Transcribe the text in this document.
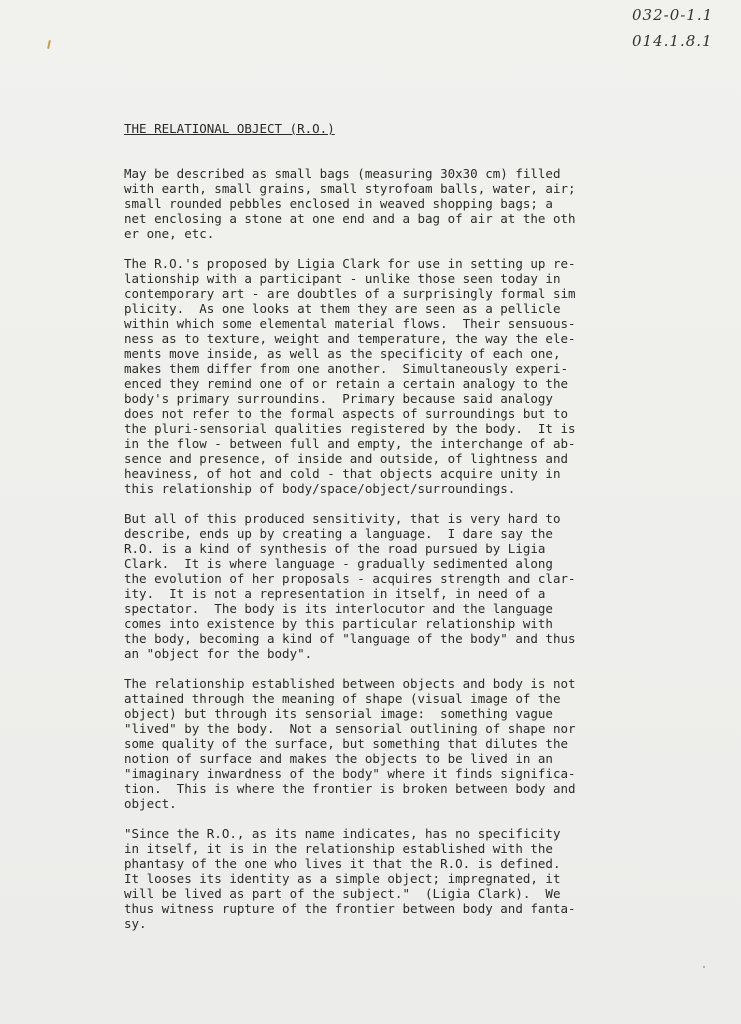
032-0-1.1
014.1.8.1
THE RELATIONAL OBJECT (R.O.)
May be described as small bags (measuring 30x30 cm) filled
with earth, small grains, small styrofoam balls, water, air;
small rounded pebbles enclosed in weaved shopping bags; a
net enclosing a stone at one end and a bag of air at the oth
er one, etc.
The R.O.'s proposed by Ligia Clark for use in setting up re-
lationship with a participant - unlike those seen today in
contemporary art - are doubtles of a surprisingly formal sim
plicity.  As one looks at them they are seen as a pellicle
within which some elemental material flows.  Their sensuous-
ness as to texture, weight and temperature, the way the ele-
ments move inside, as well as the specificity of each one,
makes them differ from one another.  Simultaneously experi-
enced they remind one of or retain a certain analogy to the
body's primary surroundins.  Primary because said analogy
does not refer to the formal aspects of surroundings but to
the pluri-sensorial qualities registered by the body.  It is
in the flow - between full and empty, the interchange of ab-
sence and presence, of inside and outside, of lightness and
heaviness, of hot and cold - that objects acquire unity in
this relationship of body/space/object/surroundings.
But all of this produced sensitivity, that is very hard to
describe, ends up by creating a language.  I dare say the
R.O. is a kind of synthesis of the road pursued by Ligia
Clark.  It is where language - gradually sedimented along
the evolution of her proposals - acquires strength and clar-
ity.  It is not a representation in itself, in need of a
spectator.  The body is its interlocutor and the language
comes into existence by this particular relationship with
the body, becoming a kind of "language of the body" and thus
an "object for the body".
The relationship established between objects and body is not
attained through the meaning of shape (visual image of the
object) but through its sensorial image:  something vague
"lived" by the body.  Not a sensorial outlining of shape nor
some quality of the surface, but something that dilutes the
notion of surface and makes the objects to be lived in an
"imaginary inwardness of the body" where it finds significa-
tion.  This is where the frontier is broken between body and
object.
"Since the R.O., as its name indicates, has no specificity
in itself, it is in the relationship established with the
phantasy of the one who lives it that the R.O. is defined.
It looses its identity as a simple object; impregnated, it
will be lived as part of the subject."  (Ligia Clark).  We
thus witness rupture of the frontier between body and fanta-
sy.
